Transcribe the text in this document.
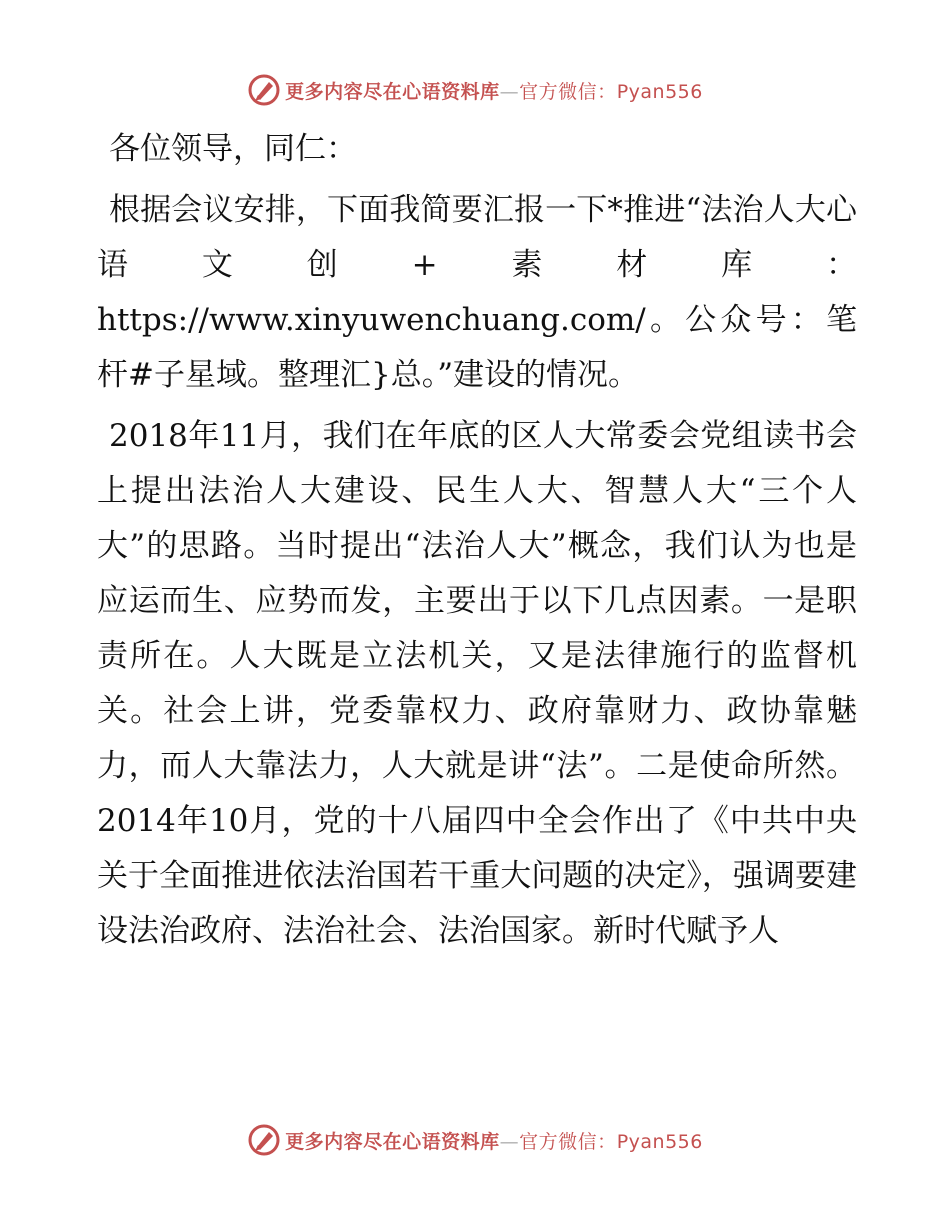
更多内容尽在心语资料库—官方微信：Pyan556

各位领导，同仁：

根据会议安排，下面我简要汇报一下*推进“法治人大心语文创+素材库：https://www.xinyuwenchuang.com/。公众号：笔杆#子星域。整理汇}总。”建设的情况。

2018年11月，我们在年底的区人大常委会党组读书会上提出法治人大建设、民生人大、智慧人大“三个人大”的思路。当时提出“法治人大”概念，我们认为也是应运而生、应势而发，主要出于以下几点因素。一是职责所在。人大既是立法机关，又是法律施行的监督机关。社会上讲，党委靠权力、政府靠财力、政协靠魅力，而人大靠法力，人大就是讲“法”。二是使命所然。2014年10月，党的十八届四中全会作出了《中共中央关于全面推进依法治国若干重大问题的决定》，强调要建设法治政府、法治社会、法治国家。新时代赋予人

更多内容尽在心语资料库—官方微信：Pyan556
